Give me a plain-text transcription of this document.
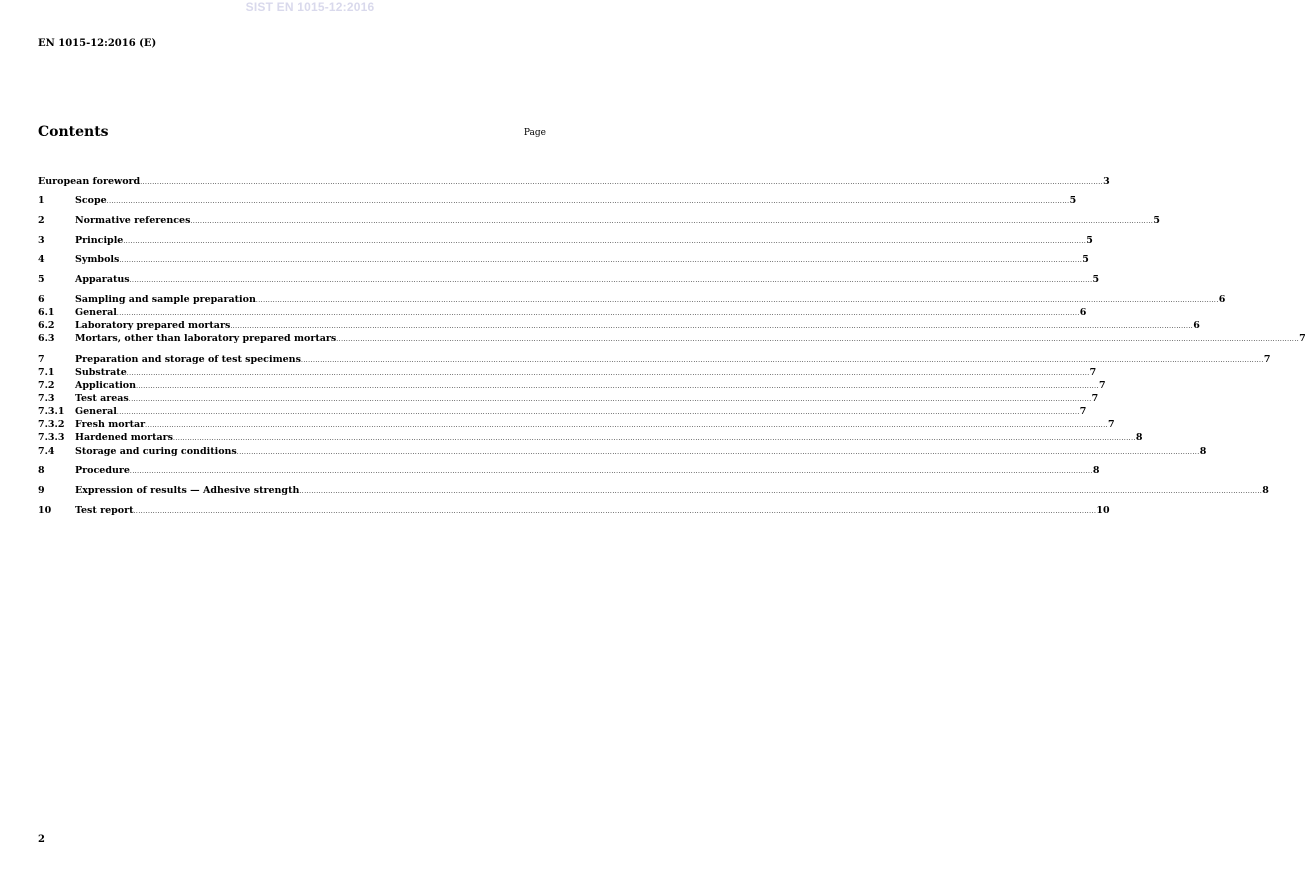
SIST EN 1015-12:2016
EN 1015-12:2016 (E)
Contents	Page
European foreword ................................................................................................................................................................................................................................................................................................................................................................................................................ 3
1	Scope ................................................................................................................................................................................................................................................................................................................................................................................................................ 5
2	Normative references ................................................................................................................................................................................................................................................................................................................................................................................................................ 5
3	Principle ................................................................................................................................................................................................................................................................................................................................................................................................................ 5
4	Symbols ................................................................................................................................................................................................................................................................................................................................................................................................................ 5
5	Apparatus ................................................................................................................................................................................................................................................................................................................................................................................................................ 5
6	Sampling and sample preparation ................................................................................................................................................................................................................................................................................................................................................................................................................ 6
6.1	General ................................................................................................................................................................................................................................................................................................................................................................................................................ 6
6.2	Laboratory prepared mortars ................................................................................................................................................................................................................................................................................................................................................................................................................ 6
6.3	Mortars, other than laboratory prepared mortars ................................................................................................................................................................................................................................................................................................................................................................................................................ 7
7	Preparation and storage of test specimens ................................................................................................................................................................................................................................................................................................................................................................................................................ 7
7.1	Substrate ................................................................................................................................................................................................................................................................................................................................................................................................................ 7
7.2	Application ................................................................................................................................................................................................................................................................................................................................................................................................................ 7
7.3	Test areas ................................................................................................................................................................................................................................................................................................................................................................................................................ 7
7.3.1	General ................................................................................................................................................................................................................................................................................................................................................................................................................ 7
7.3.2	Fresh mortar ................................................................................................................................................................................................................................................................................................................................................................................................................ 7
7.3.3	Hardened mortars ................................................................................................................................................................................................................................................................................................................................................................................................................ 8
7.4	Storage and curing conditions ................................................................................................................................................................................................................................................................................................................................................................................................................ 8
8	Procedure ................................................................................................................................................................................................................................................................................................................................................................................................................ 8
9	Expression of results — Adhesive strength ................................................................................................................................................................................................................................................................................................................................................................................................................ 8
10	Test report ................................................................................................................................................................................................................................................................................................................................................................................................................ 10
2
